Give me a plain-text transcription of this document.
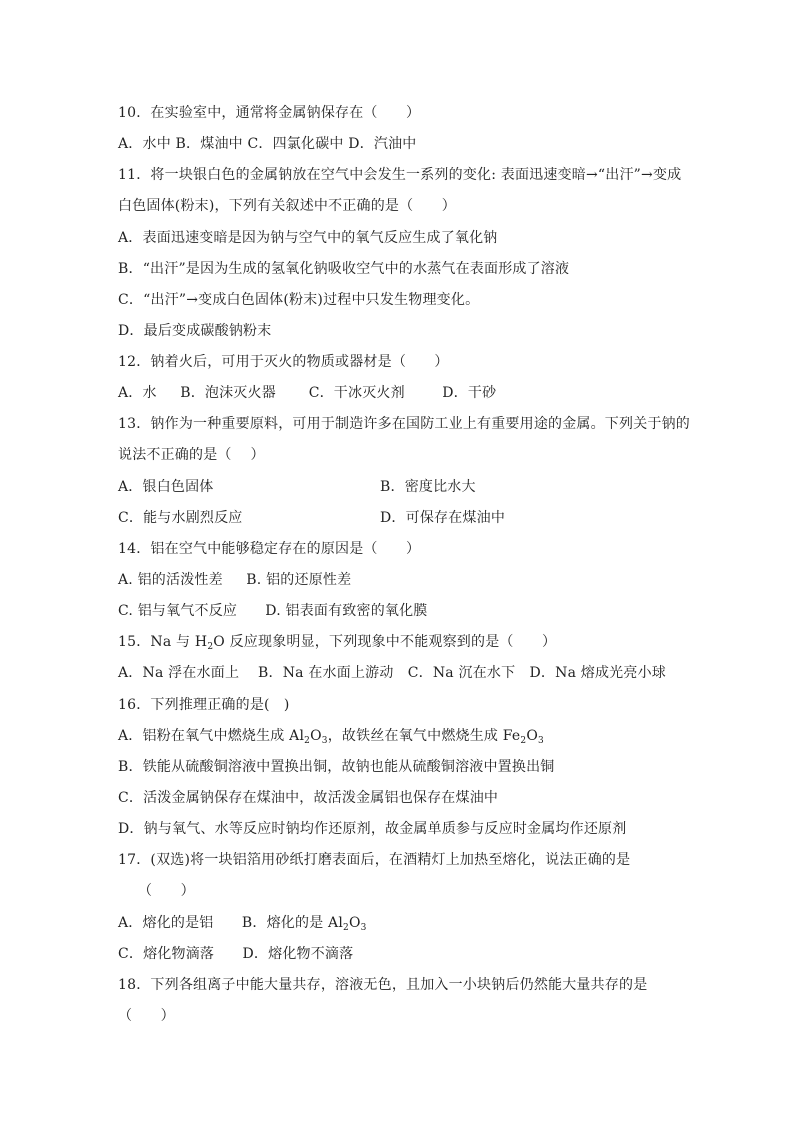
10．在实验室中，通常将金属钠保存在（　　）
A．水中 B．煤油中 C．四氯化碳中 D．汽油中
11．将一块银白色的金属钠放在空气中会发生一系列的变化: 表面迅速变暗→“出汗”→变成
白色固体(粉末)，下列有关叙述中不正确的是（　　）
A．表面迅速变暗是因为钠与空气中的氧气反应生成了氧化钠
B．“出汗”是因为生成的氢氧化钠吸收空气中的水蒸气在表面形成了溶液
C．“出汗”→变成白色固体(粉末)过程中只发生物理变化。
D．最后变成碳酸钠粉末
12．钠着火后，可用于灭火的物质或器材是（　　）
A．水　  B．泡沫灭火器　    C．干冰灭火剂　     D．干砂
13．钠作为一种重要原料，可用于制造许多在国防工业上有重要用途的金属。下列关于钠的
说法不正确的是（　 ）
A．银白色固体	B．密度比水大
C．能与水剧烈反应	D．可保存在煤油中
14．铝在空气中能够稳定存在的原因是（　　）
A. 铝的活泼性差　  B. 铝的还原性差
C. 铝与氧气不反应　   D. 铝表面有致密的氧化膜
15．Na 与 $H_2O$ 反应现象明显，下列现象中不能观察到的是（　　）
A．Na 浮在水面上　 B．Na 在水面上游动　C．Na 沉在水下　D．Na 熔成光亮小球
16．下列推理正确的是(　)
A．铝粉在氧气中燃烧生成 $Al_2O_3$，故铁丝在氧气中燃烧生成 $Fe_2O_3$
B．铁能从硫酸铜溶液中置换出铜，故钠也能从硫酸铜溶液中置换出铜
C．活泼金属钠保存在煤油中，故活泼金属铝也保存在煤油中
D．钠与氧气、水等反应时钠均作还原剂，故金属单质参与反应时金属均作还原剂
17．(双选)将一块铝箔用砂纸打磨表面后，在酒精灯上加热至熔化，说法正确的是
（　　）
A．熔化的是铝　　B．熔化的是 $Al_2O_3$
C．熔化物滴落　　D．熔化物不滴落
18．下列各组离子中能大量共存，溶液无色，且加入一小块钠后仍然能大量共存的是
（　　）
